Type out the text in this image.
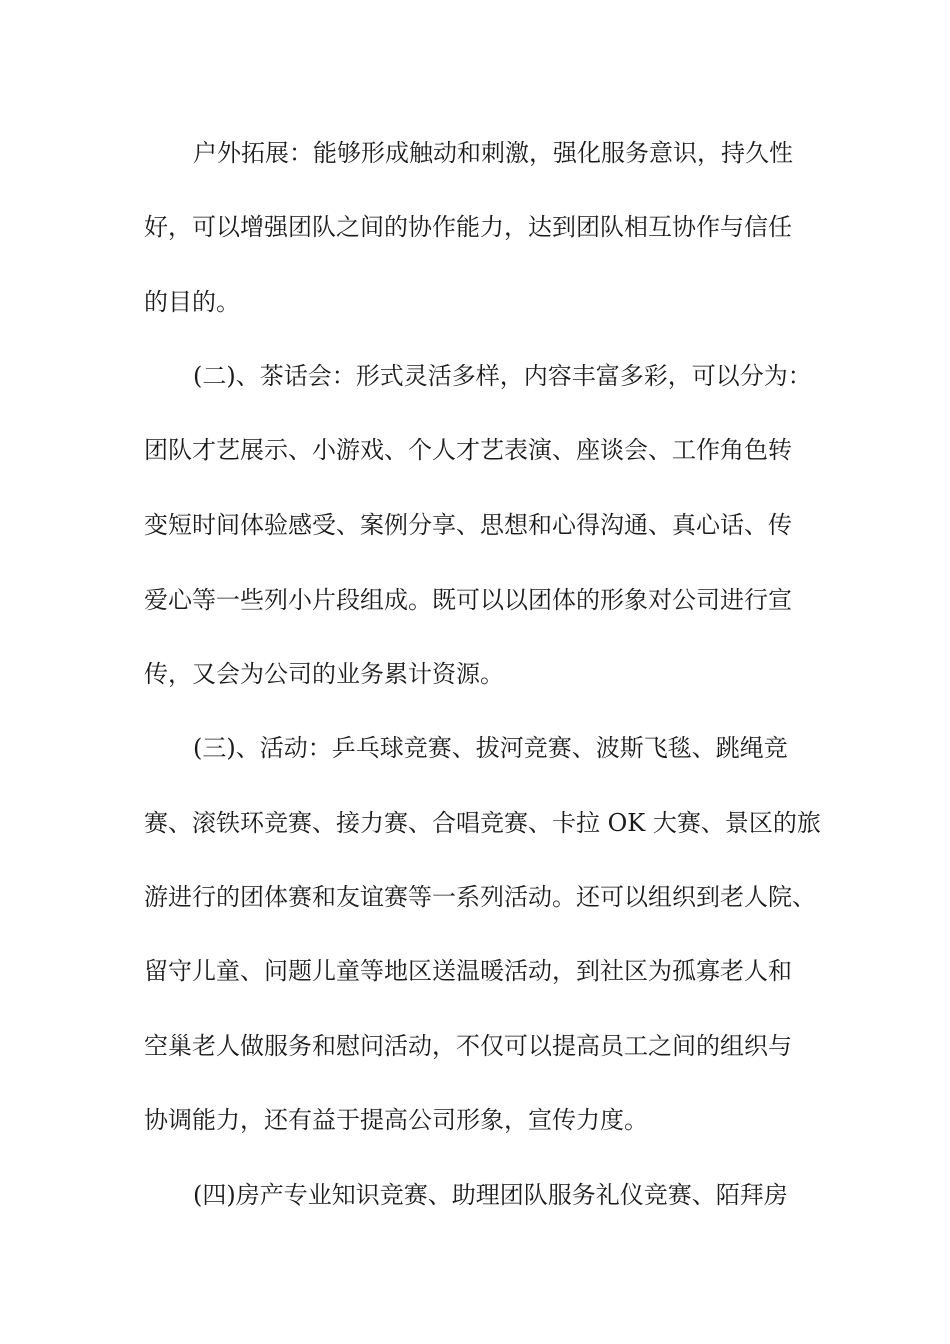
户外拓展：能够形成触动和刺激，强化服务意识，持久性
好，可以增强团队之间的协作能力，达到团队相互协作与信任
的目的。
(二)、茶话会：形式灵活多样，内容丰富多彩，可以分为：
团队才艺展示、小游戏、个人才艺表演、座谈会、工作角色转
变短时间体验感受、案例分享、思想和心得沟通、真心话、传
爱心等一些列小片段组成。既可以以团体的形象对公司进行宣
传，又会为公司的业务累计资源。
(三)、活动：乒乓球竞赛、拔河竞赛、波斯飞毯、跳绳竞
赛、滚铁环竞赛、接力赛、合唱竞赛、卡拉 OK 大赛、景区的旅
游进行的团体赛和友谊赛等一系列活动。还可以组织到老人院、
留守儿童、问题儿童等地区送温暖活动，到社区为孤寡老人和
空巢老人做服务和慰问活动，不仅可以提高员工之间的组织与
协调能力，还有益于提高公司形象，宣传力度。
(四)房产专业知识竞赛、助理团队服务礼仪竞赛、陌拜房
